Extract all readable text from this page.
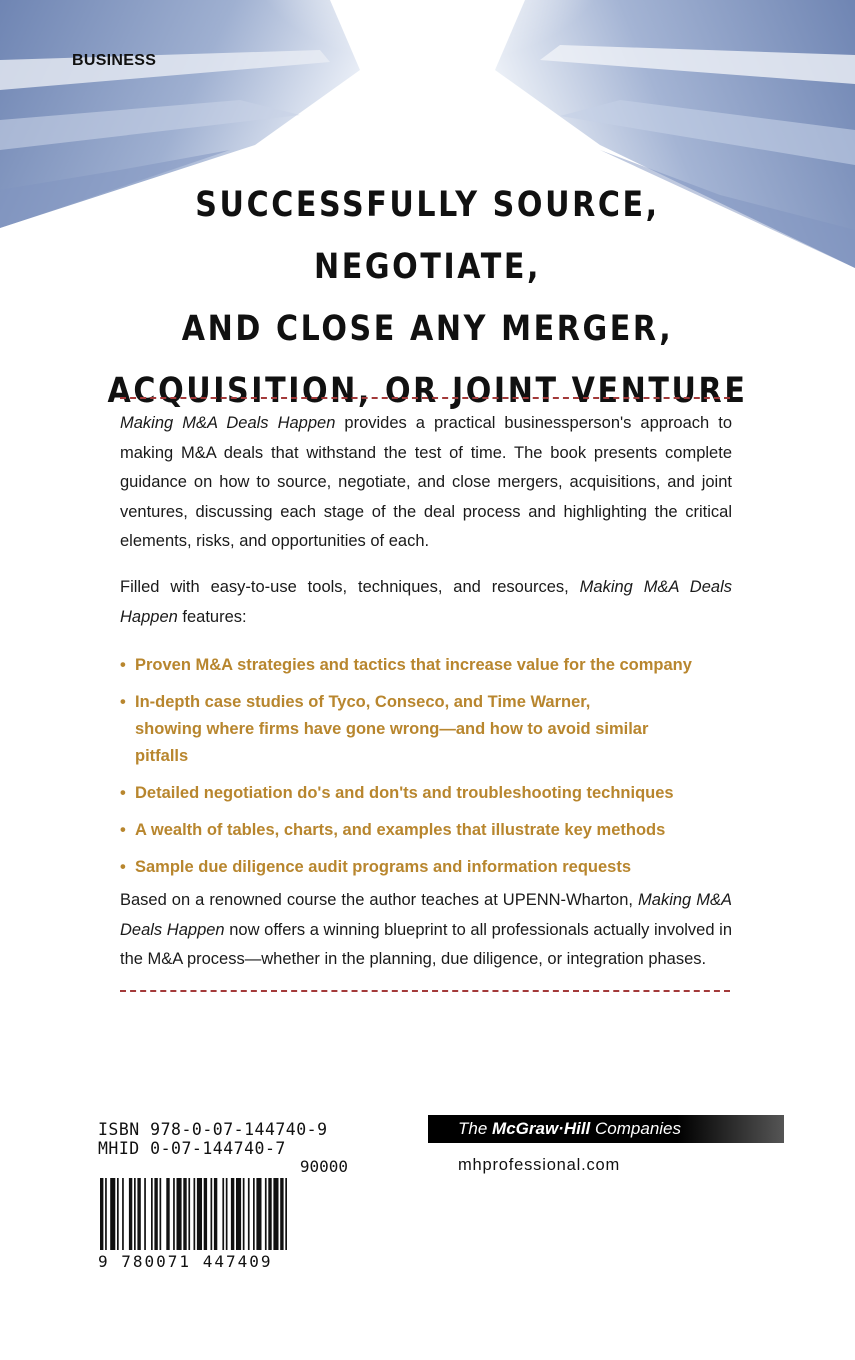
BUSINESS
SUCCESSFULLY SOURCE, NEGOTIATE,
AND CLOSE ANY MERGER,
ACQUISITION, OR JOINT VENTURE

Making M&A Deals Happen provides a practical businessperson's approach to making M&A deals that withstand the test of time. The book presents complete guidance on how to source, negotiate, and close mergers, acquisitions, and joint ventures, discussing each stage of the deal process and highlighting the critical elements, risks, and opportunities of each.

Filled with easy-to-use tools, techniques, and resources, Making M&A Deals Happen features:

• Proven M&A strategies and tactics that increase value for the company
• In-depth case studies of Tyco, Conseco, and Time Warner, showing where firms have gone wrong—and how to avoid similar pitfalls
• Detailed negotiation do's and don'ts and troubleshooting techniques
• A wealth of tables, charts, and examples that illustrate key methods
• Sample due diligence audit programs and information requests

Based on a renowned course the author teaches at UPENN-Wharton, Making M&A Deals Happen now offers a winning blueprint to all professionals actually involved in the M&A process—whether in the planning, due diligence, or integration phases.

ISBN 978-0-07-144740-9
MHID 0-07-144740-7
90000
9 780071 447409
The McGraw·Hill Companies
mhprofessional.com
